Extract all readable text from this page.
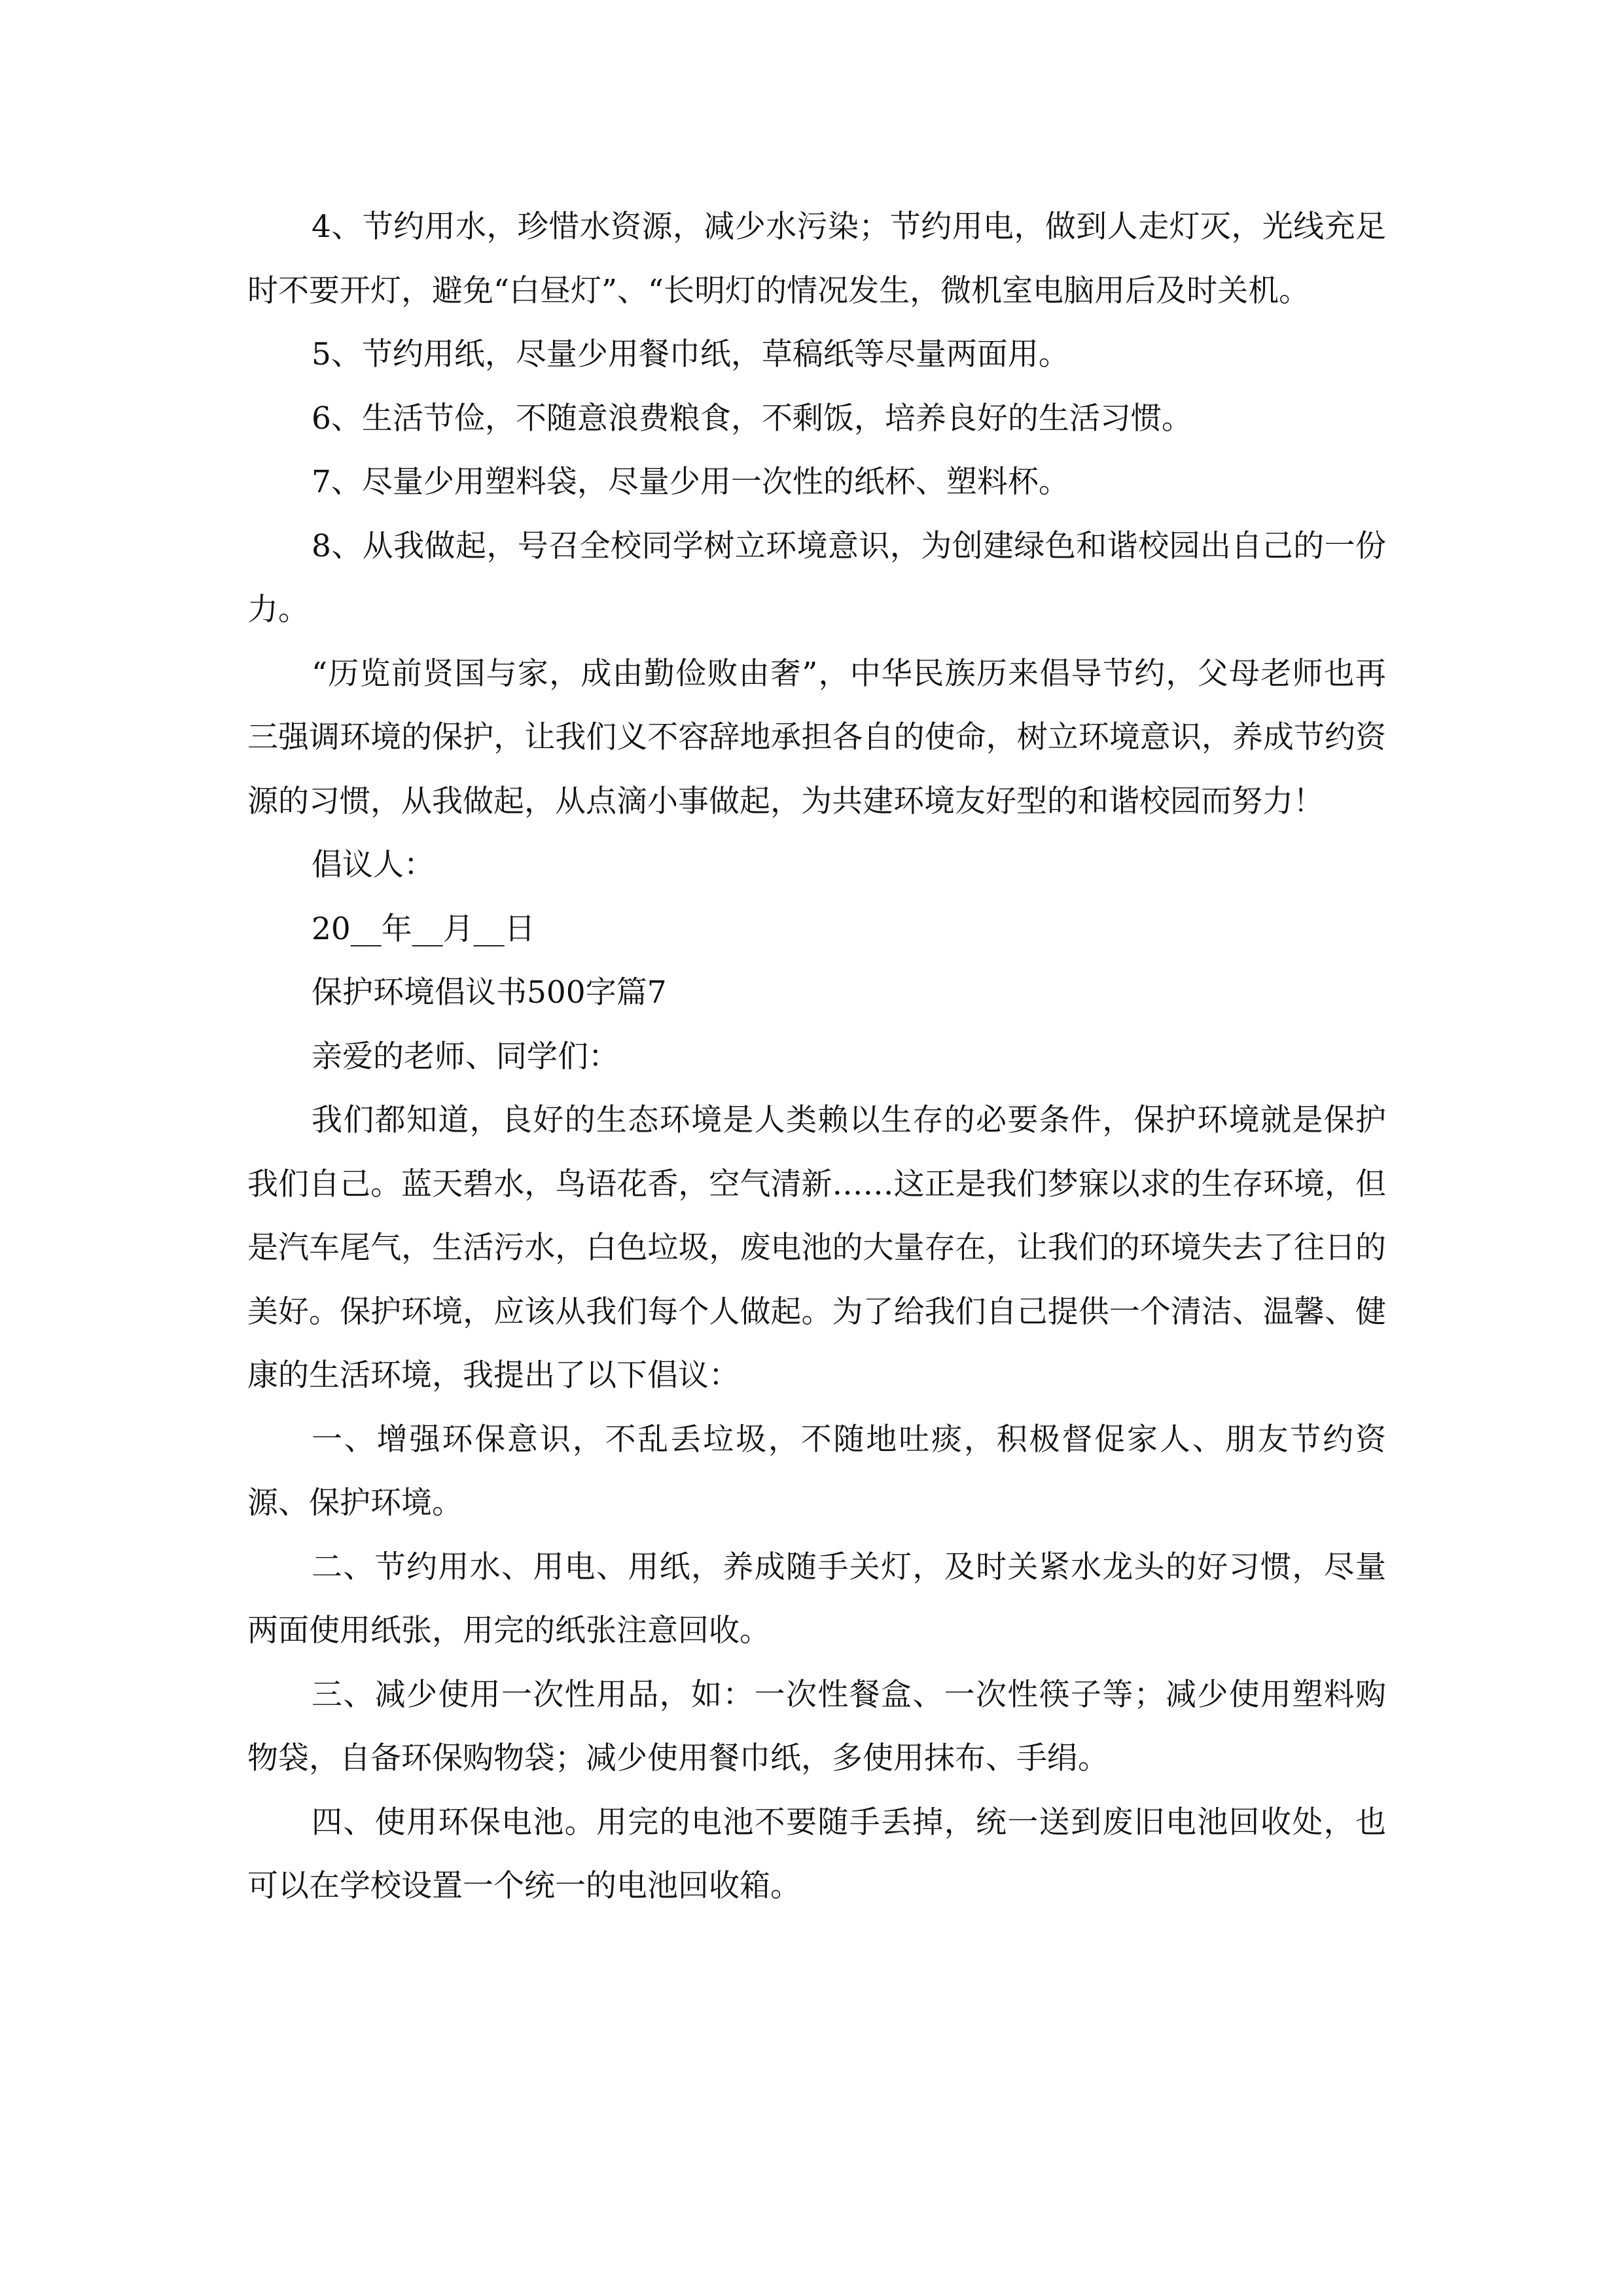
4、节约用水，珍惜水资源，减少水污染；节约用电，做到人走灯灭，光线充足时不要开灯，避免“白昼灯”、“长明灯的情况发生，微机室电脑用后及时关机。

5、节约用纸，尽量少用餐巾纸，草稿纸等尽量两面用。

6、生活节俭，不随意浪费粮食，不剩饭，培养良好的生活习惯。

7、尽量少用塑料袋，尽量少用一次性的纸杯、塑料杯。

8、从我做起，号召全校同学树立环境意识，为创建绿色和谐校园出自己的一份力。

“历览前贤国与家，成由勤俭败由奢”，中华民族历来倡导节约，父母老师也再三强调环境的保护，让我们义不容辞地承担各自的使命，树立环境意识，养成节约资源的习惯，从我做起，从点滴小事做起，为共建环境友好型的和谐校园而努力！

倡议人：

20__年__月__日

保护环境倡议书500字篇7

亲爱的老师、同学们：

我们都知道，良好的生态环境是人类赖以生存的必要条件，保护环境就是保护我们自己。蓝天碧水，鸟语花香，空气清新……这正是我们梦寐以求的生存环境，但是汽车尾气，生活污水，白色垃圾，废电池的大量存在，让我们的环境失去了往日的美好。保护环境，应该从我们每个人做起。为了给我们自己提供一个清洁、温馨、健康的生活环境，我提出了以下倡议：

一、增强环保意识，不乱丢垃圾，不随地吐痰，积极督促家人、朋友节约资源、保护环境。

二、节约用水、用电、用纸，养成随手关灯，及时关紧水龙头的好习惯，尽量两面使用纸张，用完的纸张注意回收。

三、减少使用一次性用品，如：一次性餐盒、一次性筷子等；减少使用塑料购物袋，自备环保购物袋；减少使用餐巾纸，多使用抹布、手绢。

四、使用环保电池。用完的电池不要随手丢掉，统一送到废旧电池回收处，也可以在学校设置一个统一的电池回收箱。
